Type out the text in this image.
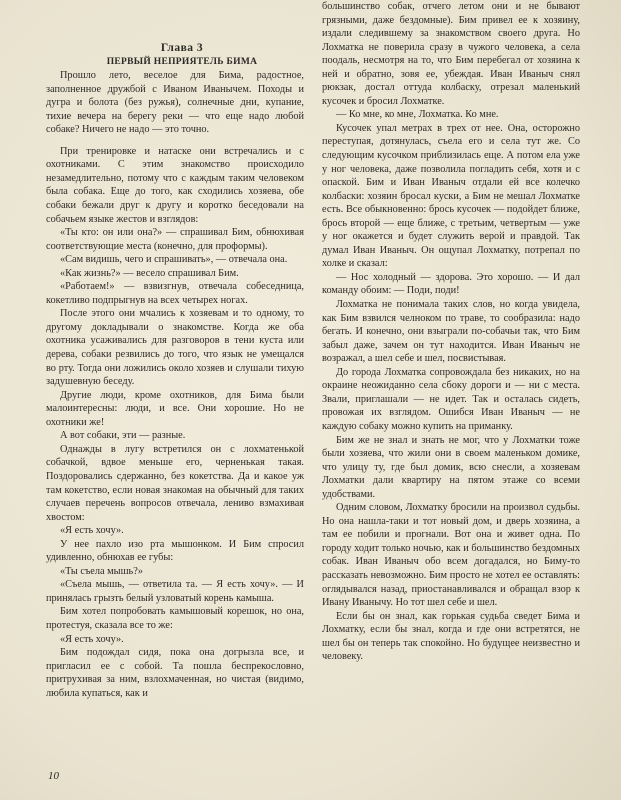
Глава 3

ПЕРВЫЙ НЕПРИЯТЕЛЬ БИМА

Прошло лето, веселое для Бима, радостное, заполненное дружбой с Иваном Иванычем. Походы и дугра и болота (без ружья), солнечные дни, купание, тихие вечера на берегу реки — что еще надо любой собаке? Ничего не надо — это точно.

При тренировке и натаске они встречались и с охотниками. С этим знакомство происходило незамедлительно, потому что с каждым таким человеком была собака. Еще до того, как сходились хозяева, обе собаки бежали друг к другу и коротко беседовали на собачьем языке жестов и взглядов:

«Ты кто: он или она?» — спрашивал Бим, обнюхивая соответствующие места (конечно, для проформы).

«Сам видишь, чего и спрашивать», — отвечала она.

«Как жизнь?» — весело спрашивал Бим.

«Работаем!» — взвизгнув, отвечала собеседница, кокетливо подпрыгнув на всех четырех ногах.

После этого они мчались к хозяевам и то одному, то другому докладывали о знакомстве. Когда же оба охотника усаживались для разговоров в тени куста или дерева, собаки резвились до того, что язык не умещался во рту. Тогда они ложились около хозяев и слушали тихую задушевную беседу.

Другие люди, кроме охотников, для Бима были малоинтересны: люди, и все. Они хорошие. Но не охотники же!

А вот собаки, эти — разные.

Однажды в лугу встретился он с лохматенькой собачкой, вдвое меньше его, черненькая такая. Поздоровались сдержанно, без кокетства. Да и какое уж там кокетство, если новая знакомая на обычный для таких случаев перечень вопросов отвечала, лениво взмахивая хвостом:

«Я есть хочу».

У нее пахло изо рта мышонком. И Бим спросил удивленно, обнюхав ее губы:

«Ты съела мышь?»

«Съела мышь, — ответила та. — Я есть хочу». — И принялась грызть белый узловатый корень камыша.

Бим хотел попробовать камышовый корешок, но она, протестуя, сказала все то же:

«Я есть хочу».

Бим подождал сидя, пока она догрызла все, и пригласил ее с собой. Та пошла беспрекословно, притрухивая за ним, взлохмаченная, но чистая (видимо, любила купаться, как и

большинство собак, отчего летом они и не бывают грязными, даже бездомные). Бим привел ее к хозяину, издали следившему за знакомством своего друга. Но Лохматка не поверила сразу в чужого человека, а села поодаль, несмотря на то, что Бим перебегал от хозяина к ней и обратно, зовя ее, убеждая. Иван Иваныч снял рюкзак, достал оттуда колбаску, отрезал маленький кусочек и бросил Лохматке.

— Ко мне, ко мне, Лохматка. Ко мне.

Кусочек упал метрах в трех от нее. Она, осторожно переступая, дотянулась, съела его и села тут же. Со следующим кусочком приблизилась еще. А потом ела уже у ног человека, даже позволила погладить себя, хотя и с опаской. Бим и Иван Иваныч отдали ей все колечко колбаски: хозяин бросал куски, а Бим не мешал Лохматке есть. Все обыкновенно: брось кусочек — подойдет ближе, брось второй — еще ближе, с третьим, четвертым — уже у ног окажется и будет служить верой и правдой. Так думал Иван Иваныч. Он ощупал Лохматку, потрепал по холке и сказал:

— Нос холодный — здорова. Это хорошо. — И дал команду обоим: — Поди, поди!

Лохматка не понимала таких слов, но когда увидела, как Бим взвился челноком по траве, то сообразила: надо бегать. И конечно, они взыграли по-собачьи так, что Бим забыл даже, зачем он тут находится. Иван Иваныч не возражал, а шел себе и шел, посвистывая.

До города Лохматка сопровождала без никаких, но на окраине неожиданно села сбоку дороги и — ни с места. Звали, приглашали — не идет. Так и осталась сидеть, провожая их взглядом. Ошибся Иван Иваныч — не каждую собаку можно купить на приманку.

Бим же не знал и знать не мог, что у Лохматки тоже были хозяева, что жили они в своем маленьком домике, что улицу ту, где был домик, всю снесли, а хозяевам Лохматки дали квартиру на пятом этаже со всеми удобствами.

Одним словом, Лохматку бросили на произвол судьбы. Но она нашла-таки и тот новый дом, и дверь хозяина, а там ее побили и прогнали. Вот она и живет одна. По городу ходит только ночью, как и большинство бездомных собак. Иван Иваныч обо всем догадался, но Биму-то рассказать невозможно. Бим просто не хотел ее оставлять: оглядывался назад, приостанавливался и обращал взор к Ивану Иванычу. Но тот шел себе и шел.

Если бы он знал, как горькая судьба сведет Бима и Лохматку, если бы знал, когда и где они встретятся, не шел бы он теперь так спокойно. Но будущее неизвестно и человеку.

10
